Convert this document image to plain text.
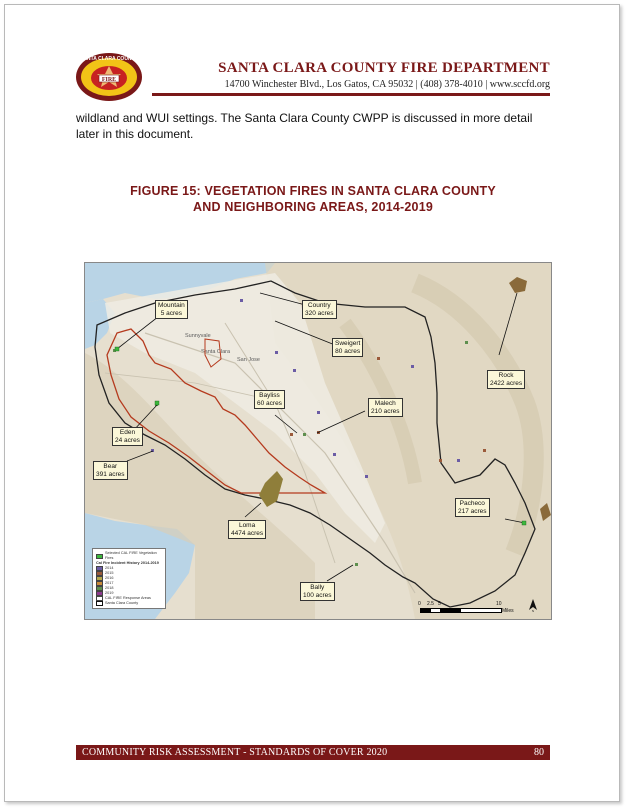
FIRE
SANTA CLARA COUNTY
SANTA CLARA COUNTY FIRE DEPARTMENT
14700 Winchester Blvd., Los Gatos, CA 95032 | (408) 378-4010 | www.sccfd.org
wildland and WUI settings. The Santa Clara County CWPP is discussed in more detail later in this document.
FIGURE 15: VEGETATION FIRES IN SANTA CLARA COUNTY
AND NEIGHBORING AREAS, 2014-2019
Sunnyvale
Santa Clara
San Jose
Mountain
5 acres
Country
320 acres
Sweigert
80 acres
Rock
2422 acres
Bayliss
60 acres	Malech
210 acres
Eden
24 acres
Bear
391 acres
Pacheco
217 acres
Loma
4474 acres
Bally
100 acres
Selected CAL FIRE Vegetation Fires
Cal Fire Incident History 2014-2019
2014
2015
2016
2017
2018
2019
CAL FIRE Response Areas
Santa Clara County	0 2.5 5	10
Miles	N
COMMUNITY RISK ASSESSMENT - STANDARDS OF COVER 2020	80
